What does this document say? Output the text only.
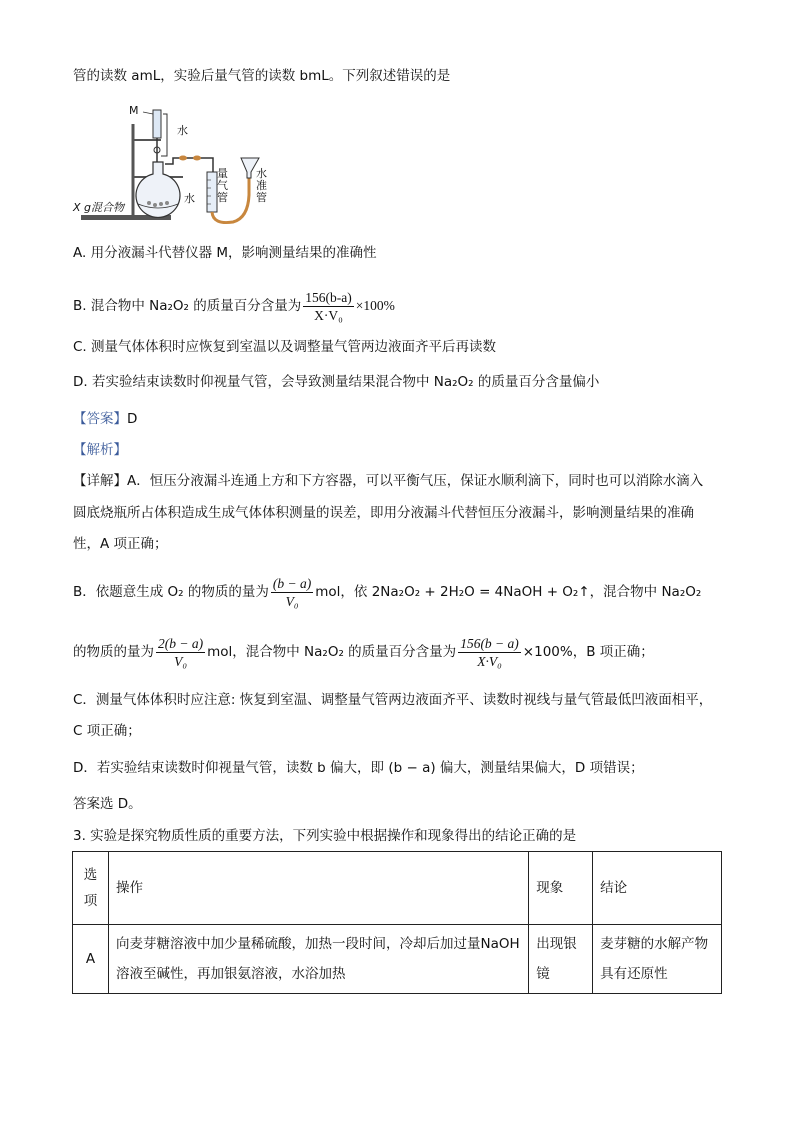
管的读数 amL，实验后量气管的读数 bmL。下列叙述错误的是
M
水
水
量气管
水准管
X g混合物
A. 用分液漏斗代替仪器 M，影响测量结果的准确性
B. 混合物中 Na₂O₂ 的质量百分含量为 $\frac{156(b-a)}{\text{X·V₀}} \times 100\%$
C. 测量气体体积时应恢复到室温以及调整量气管两边液面齐平后再读数
D. 若实验结束读数时仰视量气管，会导致测量结果混合物中 Na₂O₂ 的质量百分含量偏小
【答案】D
【解析】
【详解】A．恒压分液漏斗连通上方和下方容器，可以平衡气压，保证水顺利滴下，同时也可以消除水滴入
圆底烧瓶所占体积造成生成气体体积测量的误差，即用分液漏斗代替恒压分液漏斗，影响测量结果的准确
性，A 项正确；
B．依题意生成 O₂ 的物质的量为 $\frac{(b - a)}{\text{V₀}}$ mol，依 2Na₂O₂ + 2H₂O = 4NaOH + O₂↑，混合物中 Na₂O₂
的物质的量为 $\frac{2(b - a)}{\text{V₀}}$ mol，混合物中 Na₂O₂ 的质量百分含量为 $\frac{156(b - a)}{\text{X·V₀}} \times 100\%$，B 项正确；
C．测量气体体积时应注意: 恢复到室温、调整量气管两边液面齐平、读数时视线与量气管最低凹液面相平，
C 项正确；
D．若实验结束读数时仰视量气管，读数 b 偏大，即 (b − a) 偏大，测量结果偏大，D 项错误；
答案选 D。
3. 实验是探究物质性质的重要方法，下列实验中根据操作和现象得出的结论正确的是
选项	操作	现象	结论
A	向麦芽糖溶液中加少量稀硫酸，加热一段时间，冷却后加过量NaOH 溶液至碱性，再加银氨溶液，水浴加热	出现银镜	麦芽糖的水解产物具有还原性
